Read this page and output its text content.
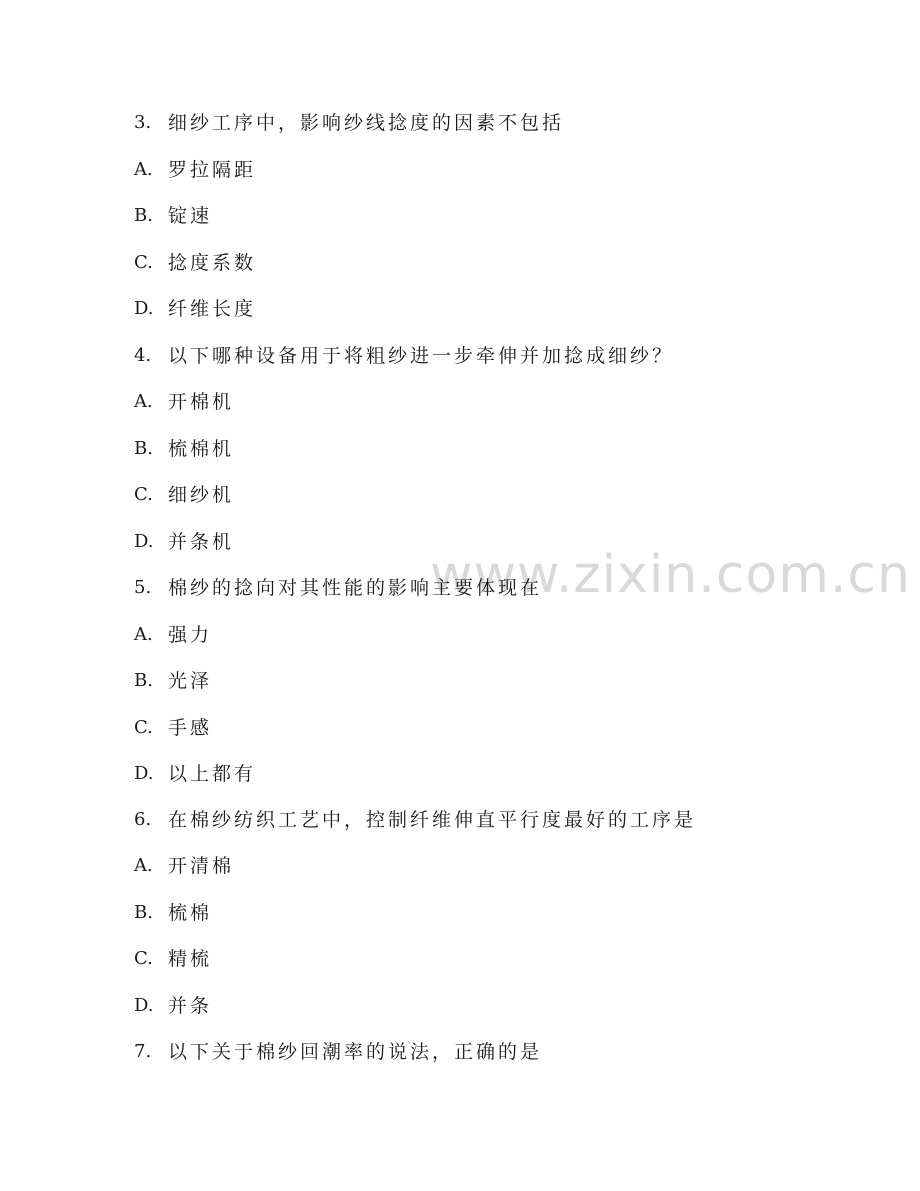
www.zixin.com.cn
3. 细纱工序中，影响纱线捻度的因素不包括
A. 罗拉隔距
B. 锭速
C. 捻度系数
D. 纤维长度
4. 以下哪种设备用于将粗纱进一步牵伸并加捻成细纱？
A. 开棉机
B. 梳棉机
C. 细纱机
D. 并条机
5. 棉纱的捻向对其性能的影响主要体现在
A. 强力
B. 光泽
C. 手感
D. 以上都有
6. 在棉纱纺织工艺中，控制纤维伸直平行度最好的工序是
A. 开清棉
B. 梳棉
C. 精梳
D. 并条
7. 以下关于棉纱回潮率的说法，正确的是
